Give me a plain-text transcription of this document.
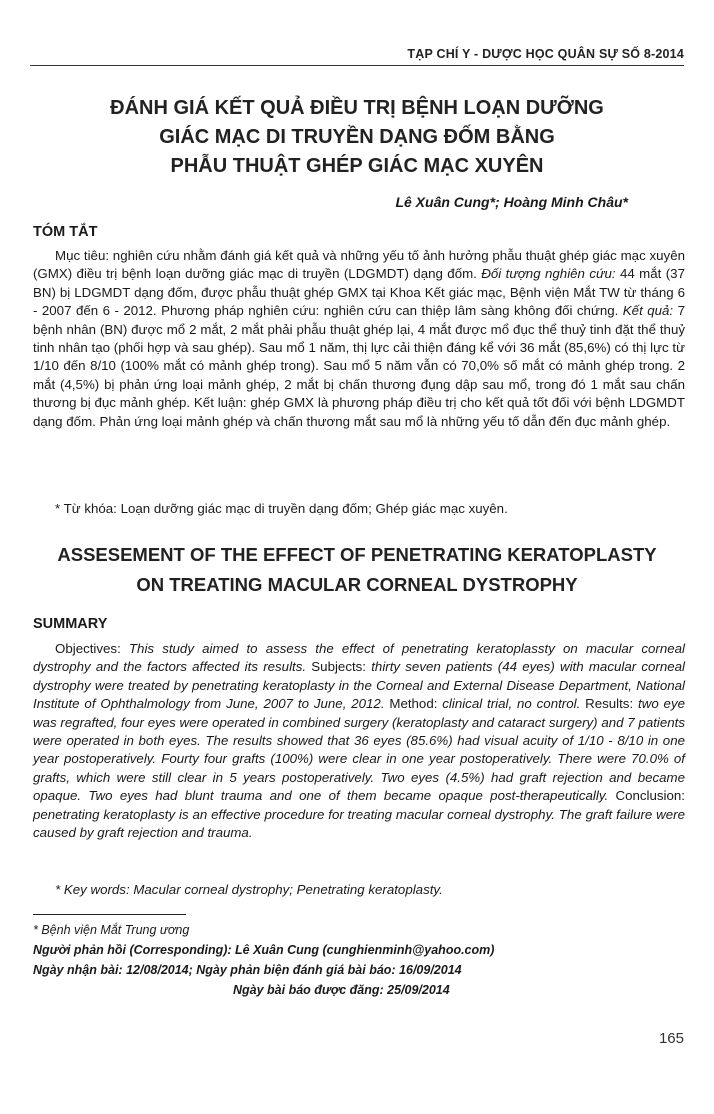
TẠP CHÍ Y - DƯỢC HỌC QUÂN SỰ SỐ 8-2014
ĐÁNH GIÁ KẾT QUẢ ĐIỀU TRỊ BỆNH LOẠN DƯỠNG
GIÁC MẠC DI TRUYỀN DẠNG ĐỐM BẰNG
PHẪU THUẬT GHÉP GIÁC MẠC XUYÊN
Lê Xuân Cung*; Hoàng Minh Châu*
TÓM TẮT
Mục tiêu: nghiên cứu nhằm đánh giá kết quả và những yếu tố ảnh hưởng phẫu thuật ghép giác mạc xuyên (GMX) điều trị bệnh loạn dưỡng giác mạc di truyền (LDGMDT) dạng đốm. Đối tượng nghiên cứu: 44 mắt (37 BN) bị LDGMDT dạng đốm, được phẫu thuật ghép GMX tại Khoa Kết giác mạc, Bệnh viện Mắt TW từ tháng 6 - 2007 đến 6 - 2012. Phương pháp nghiên cứu: nghiên cứu can thiệp lâm sàng không đối chứng. Kết quả: 7 bệnh nhân (BN) được mổ 2 mắt, 2 mắt phải phẫu thuật ghép lại, 4 mắt được mổ đục thể thuỷ tinh đặt thể thuỷ tinh nhân tạo (phối hợp và sau ghép). Sau mổ 1 năm, thị lực cải thiện đáng kể với 36 mắt (85,6%) có thị lực từ 1/10 đến 8/10 (100% mắt có mảnh ghép trong). Sau mổ 5 năm vẫn có 70,0% số mắt có mảnh ghép trong. 2 mắt (4,5%) bị phản ứng loại mảnh ghép, 2 mắt bị chấn thương đụng dập sau mổ, trong đó 1 mắt sau chấn thương bị đục mảnh ghép. Kết luận: ghép GMX là phương pháp điều trị cho kết quả tốt đối với bệnh LDGMDT dạng đốm. Phản ứng loại mảnh ghép và chấn thương mắt sau mổ là những yếu tố dẫn đến đục mảnh ghép.
* Từ khóa: Loạn dưỡng giác mạc di truyền dạng đốm; Ghép giác mạc xuyên.
ASSESEMENT OF THE EFFECT OF PENETRATING KERATOPLASTY
ON TREATING MACULAR CORNEAL DYSTROPHY
SUMMARY
Objectives: This study aimed to assess the effect of penetrating keratoplassty on macular corneal dystrophy and the factors affected its results. Subjects: thirty seven patients (44 eyes) with macular corneal dystrophy were treated by penetrating keratoplasty in the Corneal and External Disease Department, National Institute of Ophthalmology from June, 2007 to June, 2012. Method: clinical trial, no control. Results: two eye was regrafted, four eyes were operated in combined surgery (keratoplasty and cataract surgery) and 7 patients were operated in both eyes. The results showed that 36 eyes (85.6%) had visual acuity of 1/10 - 8/10 in one year postoperatively. Fourty four grafts (100%) were clear in one year postoperatively. There were 70.0% of grafts, which were still clear in 5 years postoperatively. Two eyes (4.5%) had graft rejection and became opaque. Two eyes had blunt trauma and one of them became opaque post-therapeutically. Conclusion: penetrating keratoplasty is an effective procedure for treating macular corneal dystrophy. The graft failure were caused by graft rejection and trauma.
* Key words: Macular corneal dystrophy; Penetrating keratoplasty.
* Bệnh viện Mắt Trung ương
Người phản hồi (Corresponding): Lê Xuân Cung (cunghienminh@yahoo.com)
Ngày nhận bài: 12/08/2014; Ngày phản biện đánh giá bài báo: 16/09/2014
Ngày bài báo được đăng: 25/09/2014
165
